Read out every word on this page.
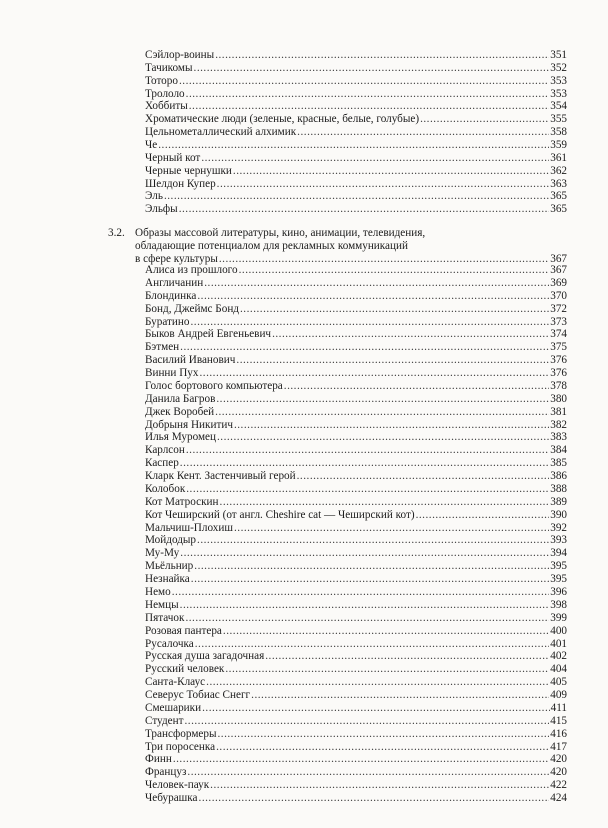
Сэйлор-воины .....	351
Тачикомы .....	352
Тоторо .....	353
Трололо .....	353
Хоббиты .....	354
Хроматические люди (зеленые, красные, белые, голубые) .....	355
Цельнометаллический алхимик .....	358
Че .....	359
Черный кот .....	361
Черные чернушки .....	362
Шелдон Купер .....	363
Эль .....	365
Эльфы .....	365
3.2. Образы массовой литературы, кино, анимации, телевидения,
обладающие потенциалом для рекламных коммуникаций
в сфере культуры .....	367
Алиса из прошлого .....	367
Англичанин .....	369
Блондинка .....	370
Бонд, Джеймс Бонд .....	372
Буратино .....	373
Быков Андрей Евгеньевич .....	374
Бэтмен .....	375
Василий Иванович .....	376
Винни Пух .....	376
Голос бортового компьютера .....	378
Данила Багров .....	380
Джек Воробей .....	381
Добрыня Никитич .....	382
Илья Муромец .....	383
Карлсон .....	384
Каспер .....	385
Кларк Кент. Застенчивый герой .....	386
Колобок .....	388
Кот Матроскин .....	389
Кот Чеширский (от англ. Cheshire cat — Чеширский кот) .....	390
Мальчиш-Плохиш .....	392
Мойдодыр .....	393
Му-Му .....	394
Мьёльнир .....	395
Незнайка .....	395
Немо .....	396
Немцы .....	398
Пятачок .....	399
Розовая пантера .....	400
Русалочка .....	401
Русская душа загадочная .....	402
Русский человек .....	404
Санта-Клаус .....	405
Северус Тобиас Снегг .....	409
Смешарики .....	411
Студент .....	415
Трансформеры .....	416
Три поросенка .....	417
Финн .....	420
Француз .....	420
Человек-паук .....	422
Чебурашка .....	424
